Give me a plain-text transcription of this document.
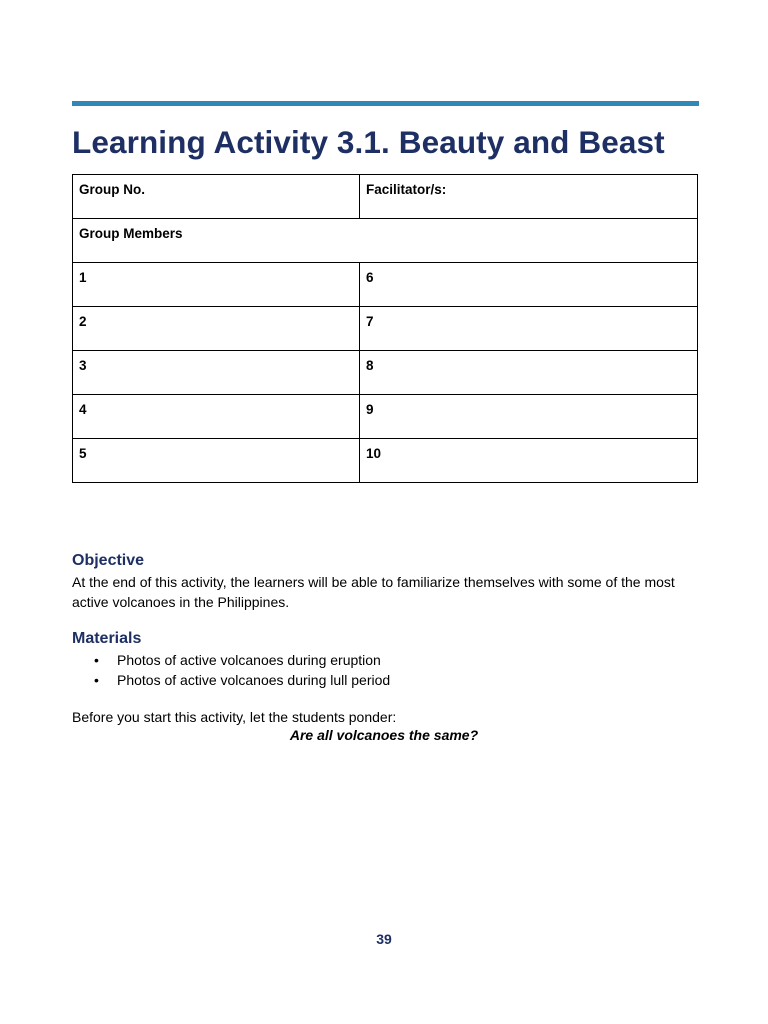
Learning Activity 3.1. Beauty and Beast
Group No.	Facilitator/s:
Group Members	
1	6
2	7
3	8
4	9
5	10
Objective

At the end of this activity, the learners will be able to familiarize themselves with some of the most active volcanoes in the Philippines.

Materials
• Photos of active volcanoes during eruption
• Photos of active volcanoes during lull period

Before you start this activity, let the students ponder:

Are all volcanoes the same?
39
